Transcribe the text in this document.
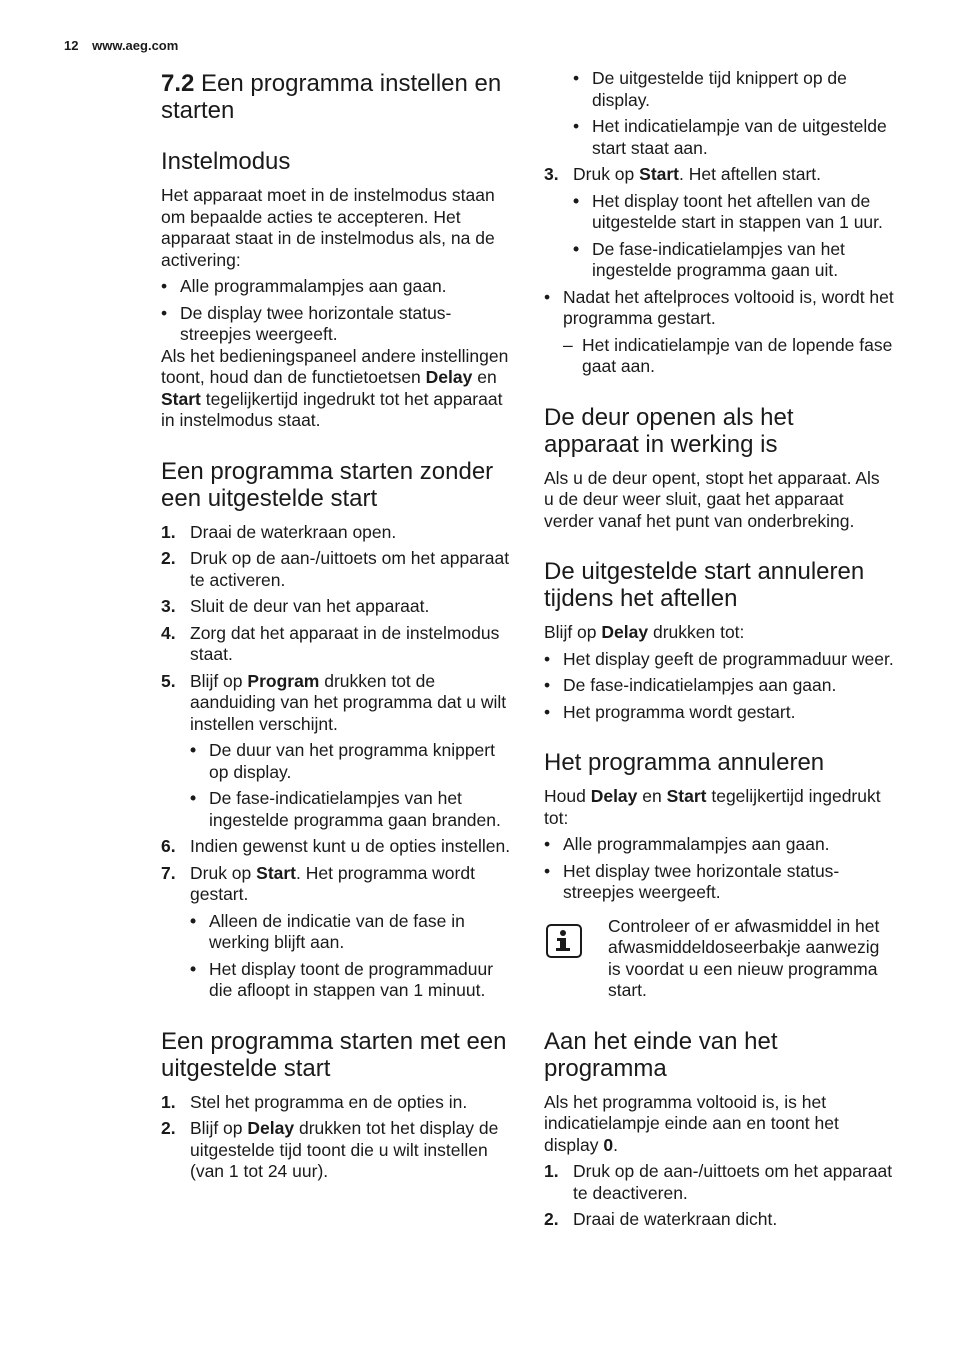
12 www.aeg.com
7.2 Een programma instellen en starten
Instelmodus

Het apparaat moet in de instelmodus staan om bepaalde acties te accepteren. Het apparaat staat in de instelmodus als, na de activering:

• Alle programmalampjes aan gaan.
• De display twee horizontale status-streepjes weergeeft.

Als het bedieningspaneel andere instellingen toont, houd dan de functietoetsen Delay en Start tegelijkertijd ingedrukt tot het apparaat in instelmodus staat.

Een programma starten zonder een uitgestelde start
1. Draai de waterkraan open.
2. Druk op de aan-/uittoets om het apparaat te activeren.
3. Sluit de deur van het apparaat.
4. Zorg dat het apparaat in de instelmodus staat.
5. Blijf op Program drukken tot de aanduiding van het programma dat u wilt instellen verschijnt.
• De duur van het programma knippert op display.
• De fase-indicatielampjes van het ingestelde programma gaan branden.
6. Indien gewenst kunt u de opties instellen.
7. Druk op Start. Het programma wordt gestart.
• Alleen de indicatie van de fase in werking blijft aan.
• Het display toont de programmaduur die afloopt in stappen van 1 minuut.
Een programma starten met een uitgestelde start
1. Stel het programma en de opties in.
2. Blijf op Delay drukken tot het display de uitgestelde tijd toont die u wilt instellen (van 1 tot 24 uur).
• De uitgestelde tijd knippert op de display.
• Het indicatielampje van de uitgestelde start staat aan.
3. Druk op Start. Het aftellen start.
• Het display toont het aftellen van de uitgestelde start in stappen van 1 uur.
• De fase-indicatielampjes van het ingestelde programma gaan uit.
• Nadat het aftelproces voltooid is, wordt het programma gestart.
– Het indicatielampje van de lopende fase gaat aan.
De deur openen als het apparaat in werking is

Als u de deur opent, stopt het apparaat. Als u de deur weer sluit, gaat het apparaat verder vanaf het punt van onderbreking.

De uitgestelde start annuleren tijdens het aftellen

Blijf op Delay drukken tot:

• Het display geeft de programmaduur weer.
• De fase-indicatielampjes aan gaan.
• Het programma wordt gestart.
Het programma annuleren

Houd Delay en Start tegelijkertijd ingedrukt tot:

• Alle programmalampjes aan gaan.
• Het display twee horizontale status-streepjes weergeeft.

Controleer of er afwasmiddel in het afwasmiddeldoseerbakje aanwezig is voordat u een nieuw programma start.

Aan het einde van het programma

Als het programma voltooid is, is het indicatielampje einde aan en toont het display 0.

1. Druk op de aan-/uittoets om het apparaat te deactiveren.
2. Draai de waterkraan dicht.
